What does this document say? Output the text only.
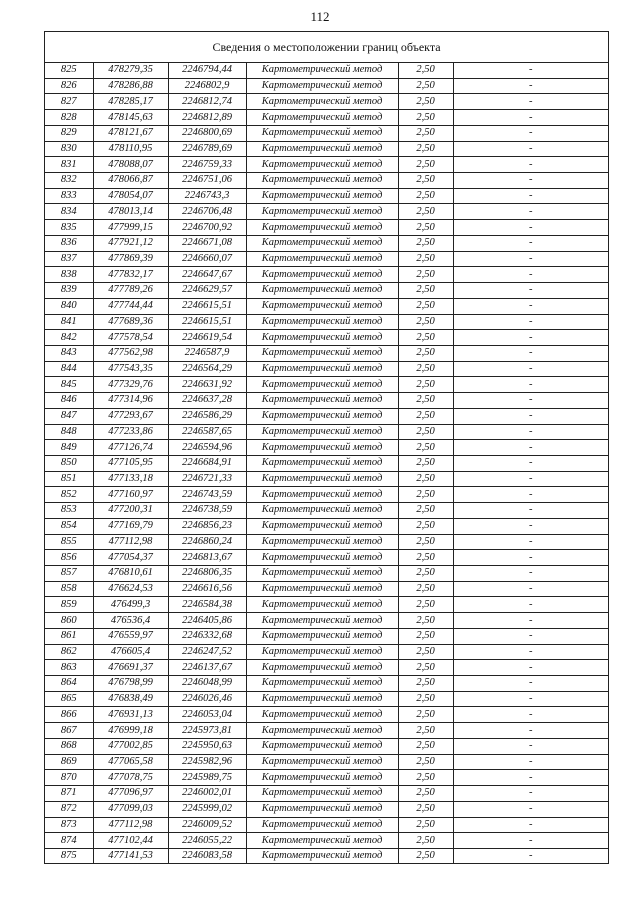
112
Сведения о местоположении границ объекта
825	478279,35	2246794,44	Картометрический метод	2,50	-
826	478286,88	2246802,9	Картометрический метод	2,50	-
827	478285,17	2246812,74	Картометрический метод	2,50	-
828	478145,63	2246812,89	Картометрический метод	2,50	-
829	478121,67	2246800,69	Картометрический метод	2,50	-
830	478110,95	2246789,69	Картометрический метод	2,50	-
831	478088,07	2246759,33	Картометрический метод	2,50	-
832	478066,87	2246751,06	Картометрический метод	2,50	-
833	478054,07	2246743,3	Картометрический метод	2,50	-
834	478013,14	2246706,48	Картометрический метод	2,50	-
835	477999,15	2246700,92	Картометрический метод	2,50	-
836	477921,12	2246671,08	Картометрический метод	2,50	-
837	477869,39	2246660,07	Картометрический метод	2,50	-
838	477832,17	2246647,67	Картометрический метод	2,50	-
839	477789,26	2246629,57	Картометрический метод	2,50	-
840	477744,44	2246615,51	Картометрический метод	2,50	-
841	477689,36	2246615,51	Картометрический метод	2,50	-
842	477578,54	2246619,54	Картометрический метод	2,50	-
843	477562,98	2246587,9	Картометрический метод	2,50	-
844	477543,35	2246564,29	Картометрический метод	2,50	-
845	477329,76	2246631,92	Картометрический метод	2,50	-
846	477314,96	2246637,28	Картометрический метод	2,50	-
847	477293,67	2246586,29	Картометрический метод	2,50	-
848	477233,86	2246587,65	Картометрический метод	2,50	-
849	477126,74	2246594,96	Картометрический метод	2,50	-
850	477105,95	2246684,91	Картометрический метод	2,50	-
851	477133,18	2246721,33	Картометрический метод	2,50	-
852	477160,97	2246743,59	Картометрический метод	2,50	-
853	477200,31	2246738,59	Картометрический метод	2,50	-
854	477169,79	2246856,23	Картометрический метод	2,50	-
855	477112,98	2246860,24	Картометрический метод	2,50	-
856	477054,37	2246813,67	Картометрический метод	2,50	-
857	476810,61	2246806,35	Картометрический метод	2,50	-
858	476624,53	2246616,56	Картометрический метод	2,50	-
859	476499,3	2246584,38	Картометрический метод	2,50	-
860	476536,4	2246405,86	Картометрический метод	2,50	-
861	476559,97	2246332,68	Картометрический метод	2,50	-
862	476605,4	2246247,52	Картометрический метод	2,50	-
863	476691,37	2246137,67	Картометрический метод	2,50	-
864	476798,99	2246048,99	Картометрический метод	2,50	-
865	476838,49	2246026,46	Картометрический метод	2,50	-
866	476931,13	2246053,04	Картометрический метод	2,50	-
867	476999,18	2245973,81	Картометрический метод	2,50	-
868	477002,85	2245950,63	Картометрический метод	2,50	-
869	477065,58	2245982,96	Картометрический метод	2,50	-
870	477078,75	2245989,75	Картометрический метод	2,50	-
871	477096,97	2246002,01	Картометрический метод	2,50	-
872	477099,03	2245999,02	Картометрический метод	2,50	-
873	477112,98	2246009,52	Картометрический метод	2,50	-
874	477102,44	2246055,22	Картометрический метод	2,50	-
875	477141,53	2246083,58	Картометрический метод	2,50	-
